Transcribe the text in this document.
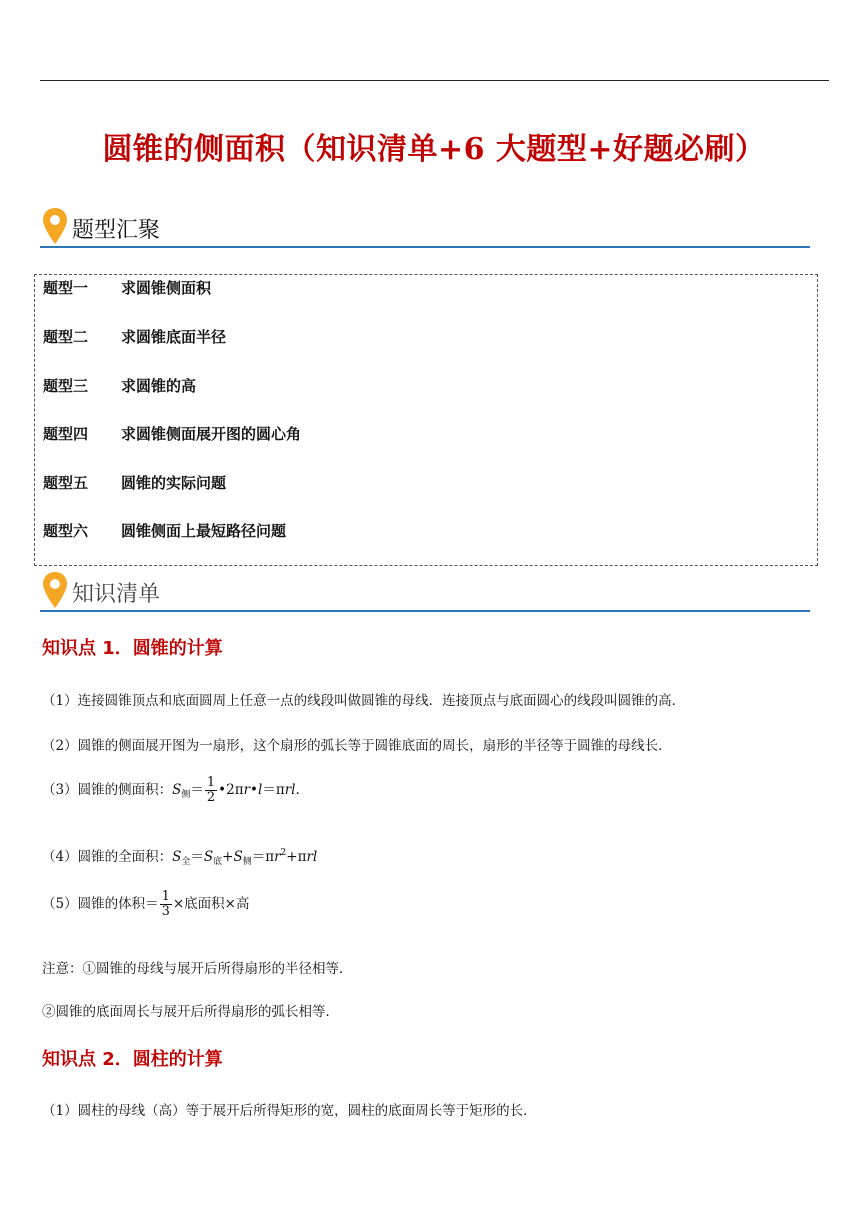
圆锥的侧面积（知识清单+6 大题型+好题必刷）
题型汇聚
题型一 求圆锥侧面积
题型二 求圆锥底面半径
题型三 求圆锥的高
题型四 求圆锥侧面展开图的圆心角
题型五 圆锥的实际问题
题型六 圆锥侧面上最短路径问题
知识清单
知识点 1．圆锥的计算
（1）连接圆锥顶点和底面圆周上任意一点的线段叫做圆锥的母线．连接顶点与底面圆心的线段叫圆锥的高．
（2）圆锥的侧面展开图为一扇形，这个扇形的弧长等于圆锥底面的周长，扇形的半径等于圆锥的母线长．
（3）圆锥的侧面积：$S_侧= \frac{1}{2}$ •2πr•l＝πrl.
（4）圆锥的全面积：$S_全=S_底+S_侧=\pi r^2+\pi rl$
（5）圆锥的体积＝ $\frac{1}{3}$ ×底面积×高
注意：①圆锥的母线与展开后所得扇形的半径相等．
②圆锥的底面周长与展开后所得扇形的弧长相等．
知识点 2．圆柱的计算
（1）圆柱的母线（高）等于展开后所得矩形的宽，圆柱的底面周长等于矩形的长．
